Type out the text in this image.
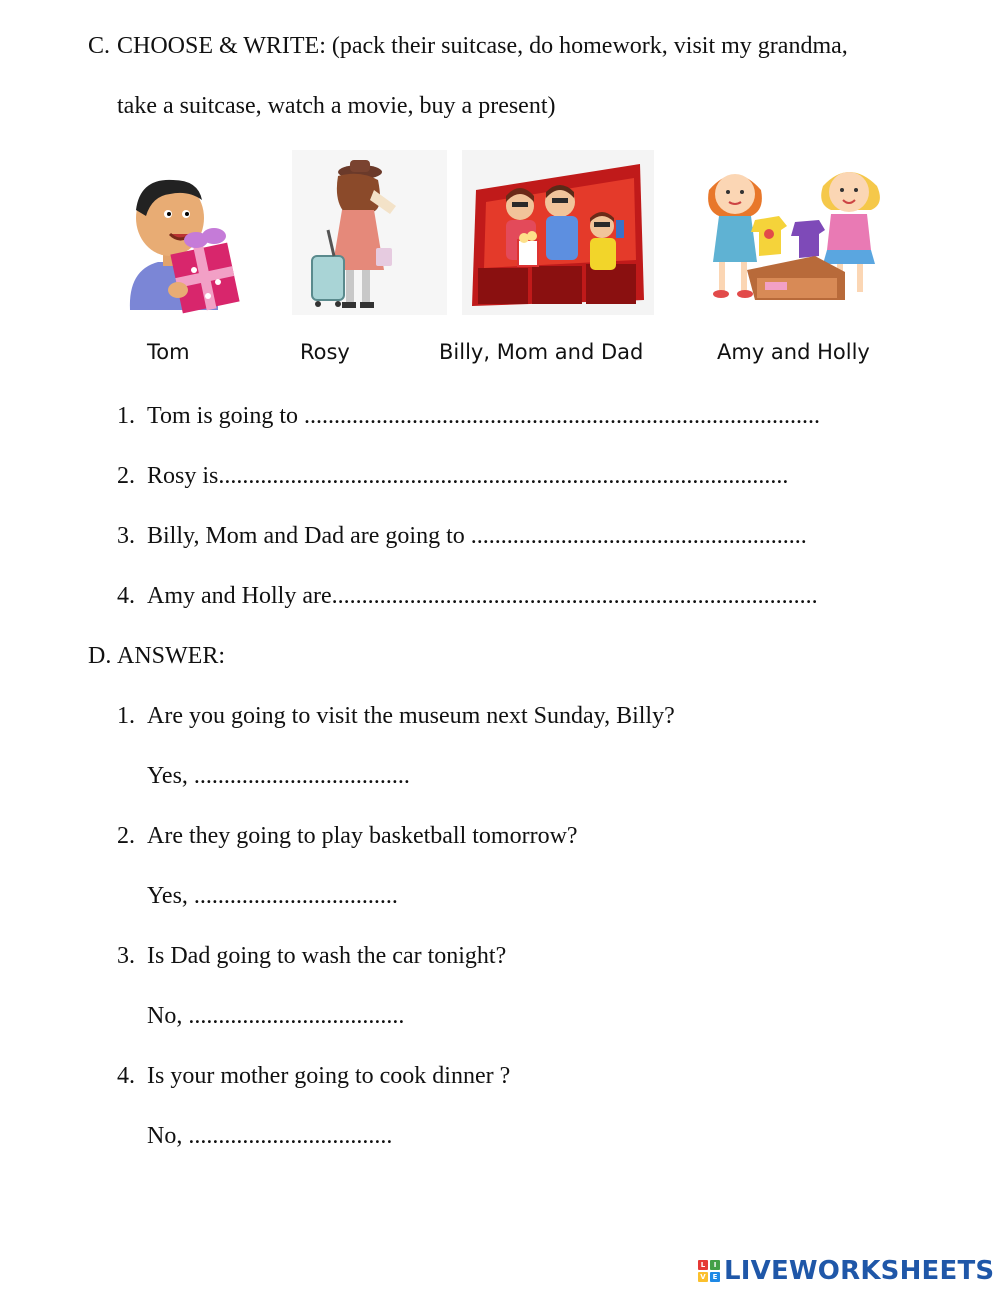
C. CHOOSE & WRITE: (pack their suitcase, do homework, visit my grandma,
take a suitcase, watch a movie, buy a present)
Tom	Rosy	Billy, Mom and Dad	Amy and Holly
1. Tom is going to ......................................................................................
2. Rosy is...............................................................................................
3. Billy, Mom and Dad are going to ........................................................
4. Amy and Holly are.................................................................................
D. ANSWER:
1. Are you going to visit the museum next Sunday, Billy?
Yes, ....................................
2. Are they going to play basketball tomorrow?
Yes, ..................................
3. Is Dad going to wash the car tonight?
No, ....................................
4. Is your mother going to cook dinner ?
No, ..................................
L	I
V E LIVEWORKSHEETS
